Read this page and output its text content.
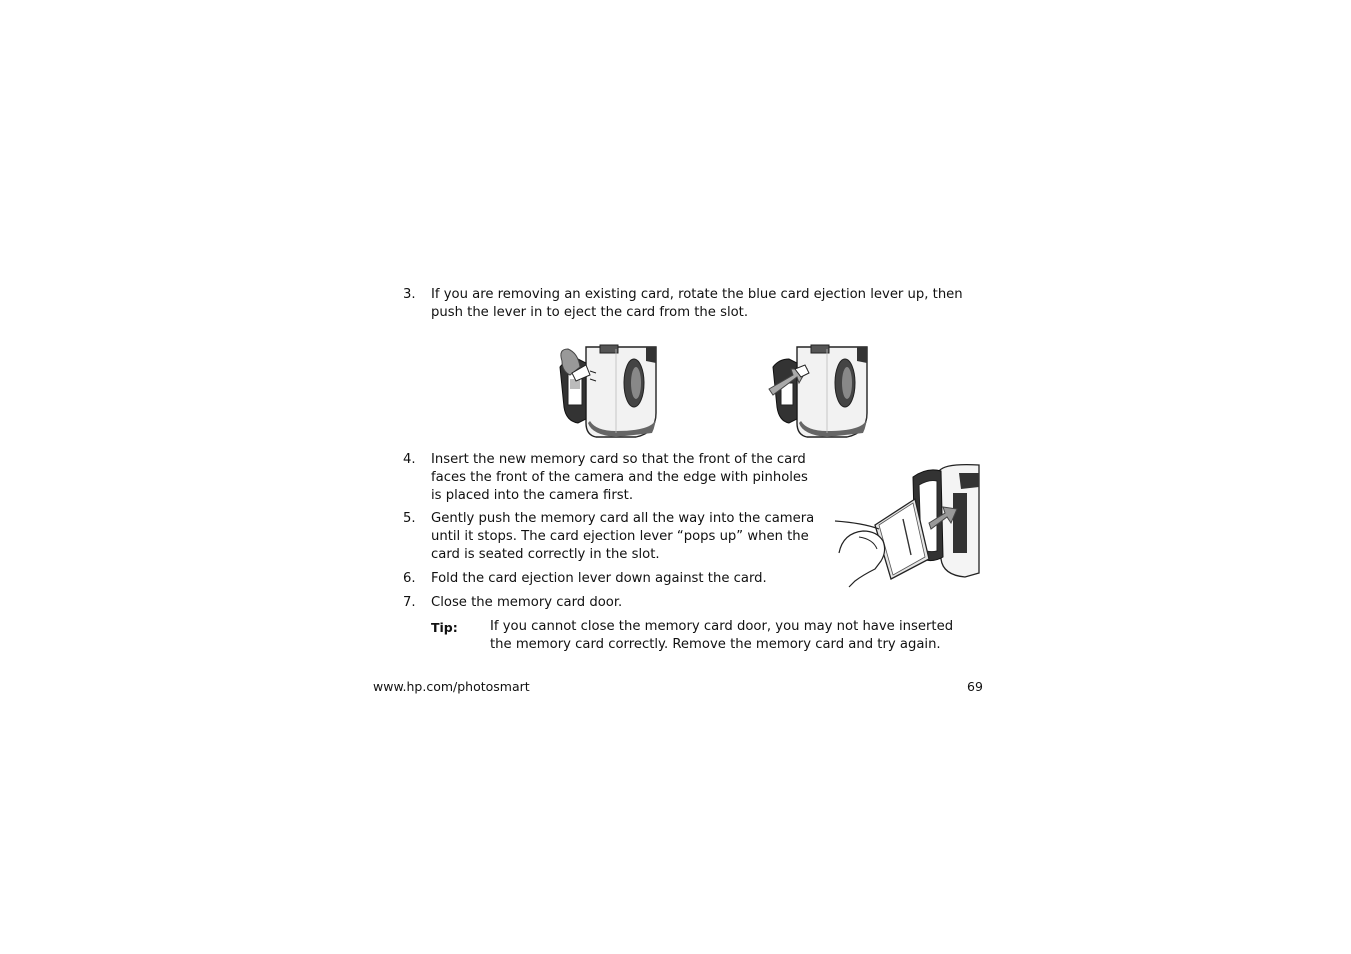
3.	If you are removing an existing card, rotate the blue card ejection lever up, then push the lever in to eject the card from the slot.
4.	Insert the new memory card so that the front of the card faces the front of the camera and the edge with pinholes is placed into the camera first.
5.	Gently push the memory card all the way into the camera until it stops. The card ejection lever “pops up” when the card is seated correctly in the slot.
6.	Fold the card ejection lever down against the card.
7.	Close the memory card door.
Tip: If you cannot close the memory card door, you may not have inserted the memory card correctly. Remove the memory card and try again.
www.hp.com/photosmart	69
